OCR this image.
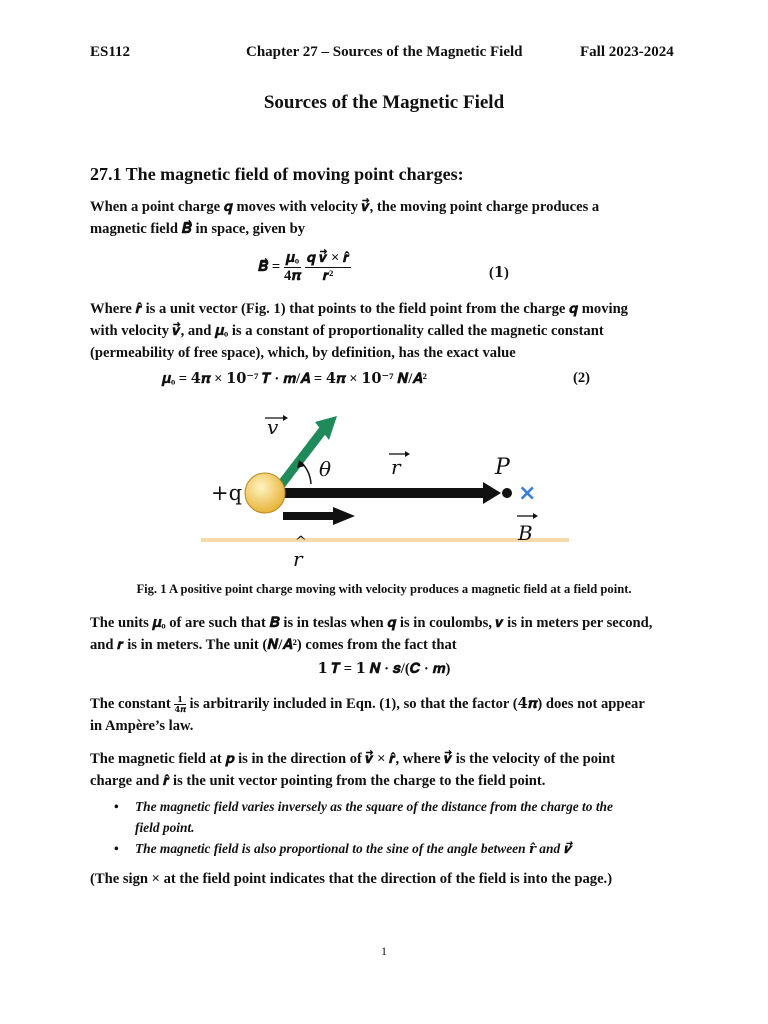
ES112	Chapter 27 – Sources of the Magnetic Field	Fall 2023-2024
Sources of the Magnetic Field
27.1 The magnetic field of moving point charges:
When a point charge 𝒒 moves with velocity 𝒗⃗, the moving point charge produces a
magnetic field 𝑩⃗ in space, given by
𝑩⃗ = $\frac{\text{𝝁ₒ}}{\text{4𝝅}}$
$\frac{\text{𝒒 𝒗⃗ × 𝒓̂}}{\text{𝒓²}}$	(𝟏)
Where 𝒓̂ is a unit vector (Fig. 1) that points to the field point from the charge 𝒒 moving
with velocity 𝒗⃗, and 𝝁ₒ is a constant of proportionality called the magnetic constant
(permeability of free space), which, by definition, has the exact value
𝝁ₒ = 𝟒𝝅 × 𝟏𝟎⁻⁷ 𝑻 · 𝒎/𝑨 = 𝟒𝝅 × 𝟏𝟎⁻⁷ 𝑵/𝑨²	(2)
+q
v
θ	r	P
×
B
^
r
Fig. 1 A positive point charge moving with velocity produces a magnetic field at a field point.
The units 𝝁ₒ of are such that 𝑩 is in teslas when 𝒒 is in coulombs, 𝒗 is in meters per second,
and 𝒓 is in meters. The unit (𝑵/𝑨²) comes from the fact that
𝟏 𝑻 = 𝟏 𝑵 · 𝒔/(𝑪 · 𝒎)
The constant $\frac{𝟏}{\text{𝟒𝝅}}$ is arbitrarily included in Eqn. (1), so that the factor (𝟒𝝅) does not appear
in Ampère’s law.
The magnetic field at 𝒑 is in the direction of 𝒗⃗ × 𝒓̂, where 𝒗⃗ is the velocity of the point
charge and 𝒓̂ is the unit vector pointing from the charge to the field point.
• The magnetic field varies inversely as the square of the distance from the charge to the
field point.
• The magnetic field is also proportional to the sine of the angle between 𝒓̂ and 𝒗⃗
(The sign × at the field point indicates that the direction of the field is into the page.)
1
